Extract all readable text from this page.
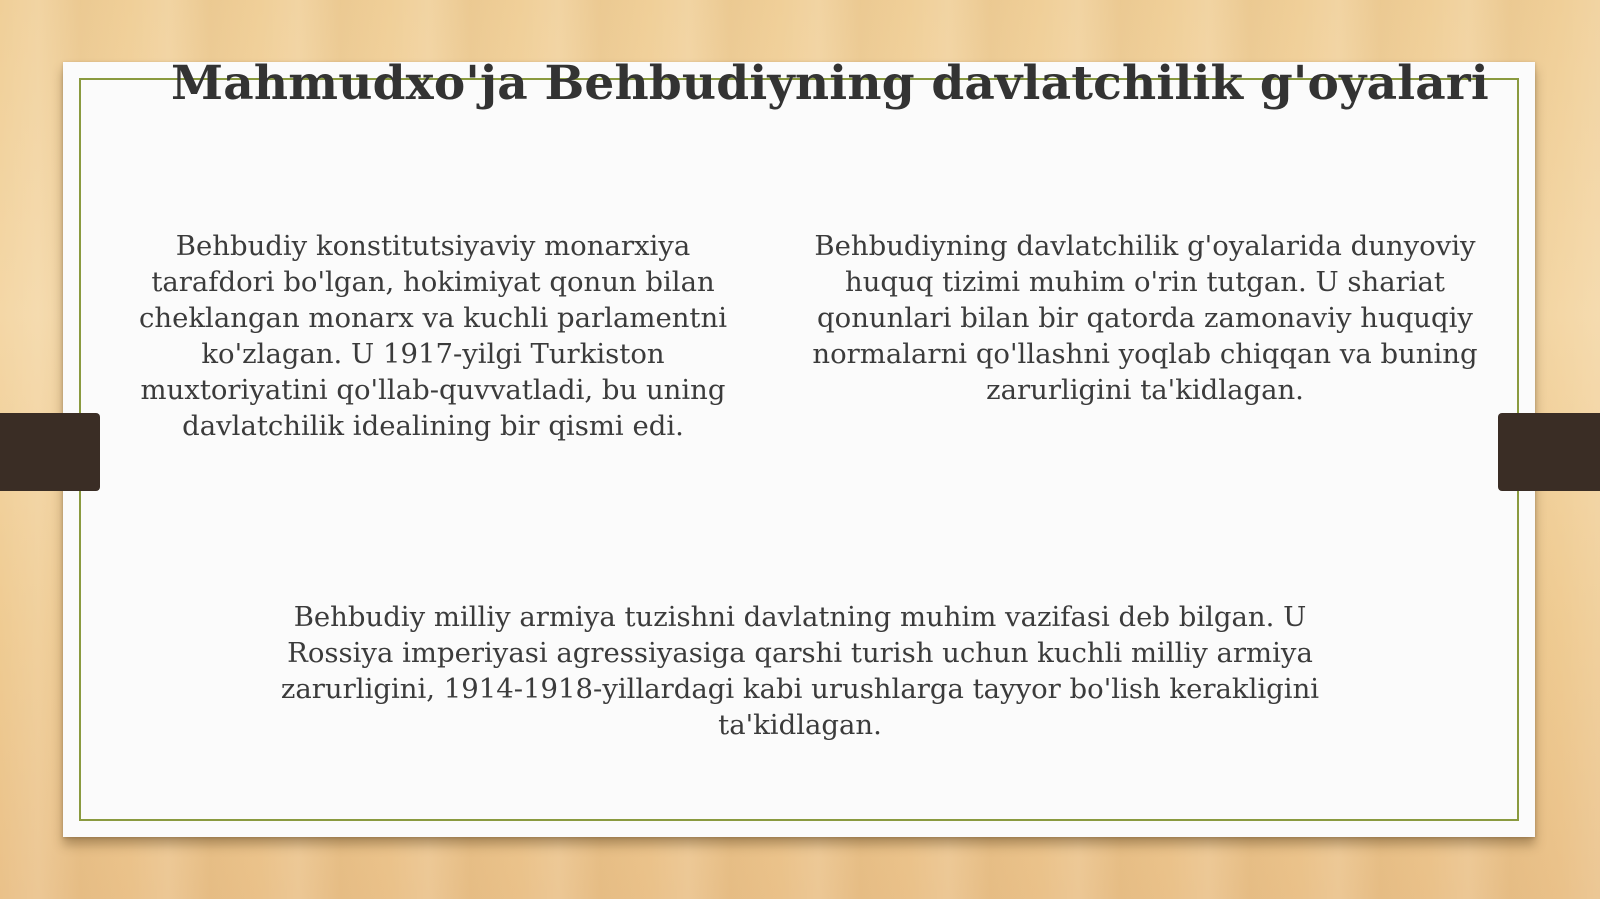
Mahmudxo'ja Behbudiyning davlatchilik g'oyalari

Behbudiy konstitutsiyaviy monarxiya tarafdori bo'lgan, hokimiyat qonun bilan cheklangan monarx va kuchli parlamentni ko'zlagan. U 1917-yilgi Turkiston muxtoriyatini qo'llab-quvvatladi, bu uning davlatchilik idealining bir qismi edi.

Behbudiyning davlatchilik g'oyalarida dunyoviy huquq tizimi muhim o'rin tutgan. U shariat qonunlari bilan bir qatorda zamonaviy huquqiy normalarni qo'llashni yoqlab chiqqan va buning zarurligini ta'kidlagan.

Behbudiy milliy armiya tuzishni davlatning muhim vazifasi deb bilgan. U Rossiya imperiyasi agressiyasiga qarshi turish uchun kuchli milliy armiya zarurligini, 1914-1918-yillardagi kabi urushlarga tayyor bo'lish kerakligini ta'kidlagan.
